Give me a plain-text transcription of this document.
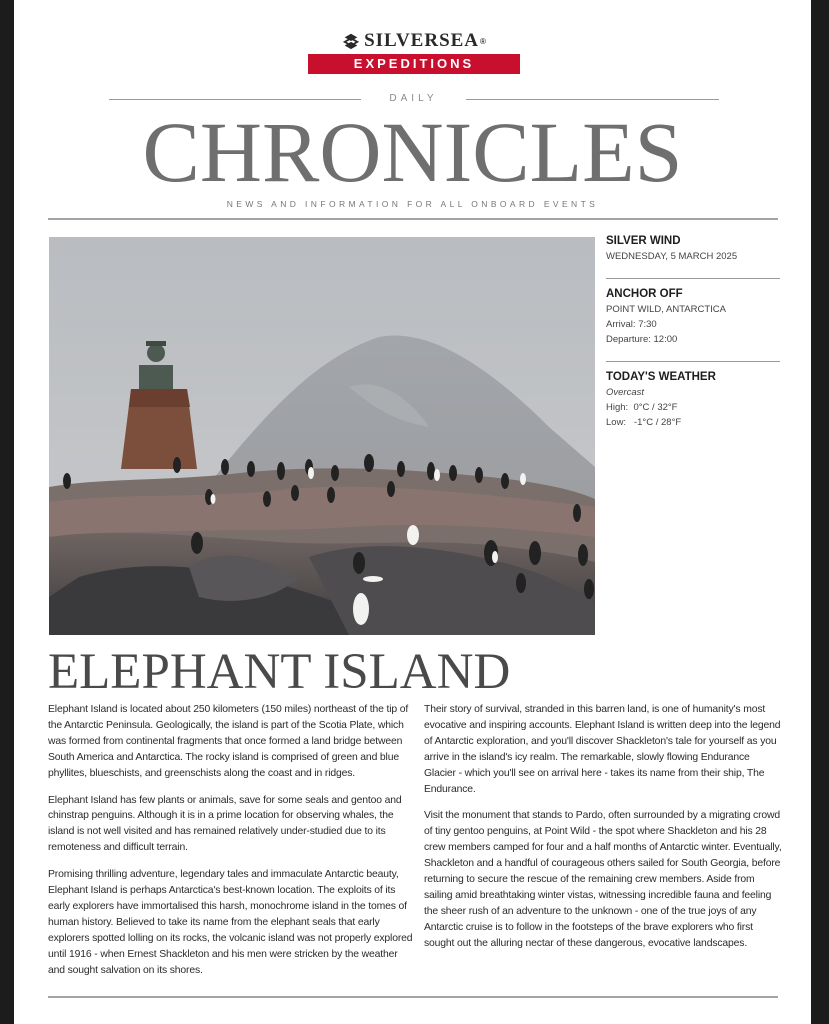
SILVERSEA ®
EXPEDITIONS
DAILY
CHRONICLES
NEWS AND INFORMATION FOR ALL ONBOARD EVENTS
SILVER WIND
WEDNESDAY, 5 MARCH 2025
ANCHOR OFF
POINT WILD, ANTARCTICA
Arrival: 7:30
Departure: 12:00
TODAY'S WEATHER
Overcast
High:  0°C / 32°F
Low:   -1°C / 28°F
ELEPHANT ISLAND

Elephant Island is located about 250 kilometers (150 miles) northeast of the tip of the Antarctic Peninsula. Geologically, the island is part of the Scotia Plate, which was formed from continental fragments that once formed a land bridge between South America and Antarctica. The rocky island is comprised of green and blue phyllites, blueschists, and greenschists along the coast and in ridges.

Elephant Island has few plants or animals, save for some seals and gentoo and chinstrap penguins. Although it is in a prime location for observing whales, the island is not well visited and has remained relatively under-studied due to its remoteness and difficult terrain.

Promising thrilling adventure, legendary tales and immaculate Antarctic beauty, Elephant Island is perhaps Antarctica's best-known location. The exploits of its early explorers have immortalised this harsh, monochrome island in the tomes of human history. Believed to take its name from the elephant seals that early explorers spotted lolling on its rocks, the volcanic island was not properly explored until 1916 - when Ernest Shackleton and his men were stricken by the weather and sought salvation on its shores.

Their story of survival, stranded in this barren land, is one of humanity's most evocative and inspiring accounts. Elephant Island is written deep into the legend of Antarctic exploration, and you'll discover Shackleton's tale for yourself as you arrive in the island's icy realm. The remarkable, slowly flowing Endurance Glacier - which you'll see on arrival here - takes its name from their ship, The Endurance.

Visit the monument that stands to Pardo, often surrounded by a migrating crowd of tiny gentoo penguins, at Point Wild - the spot where Shackleton and his 28 crew members camped for four and a half months of Antarctic winter. Eventually, Shackleton and a handful of courageous others sailed for South Georgia, before returning to secure the rescue of the remaining crew members. Aside from sailing amid breathtaking winter vistas, witnessing incredible fauna and feeling the sheer rush of an adventure to the unknown - one of the true joys of any Antarctic cruise is to follow in the footsteps of the brave explorers who first sought out the alluring nectar of these dangerous, evocative landscapes.
